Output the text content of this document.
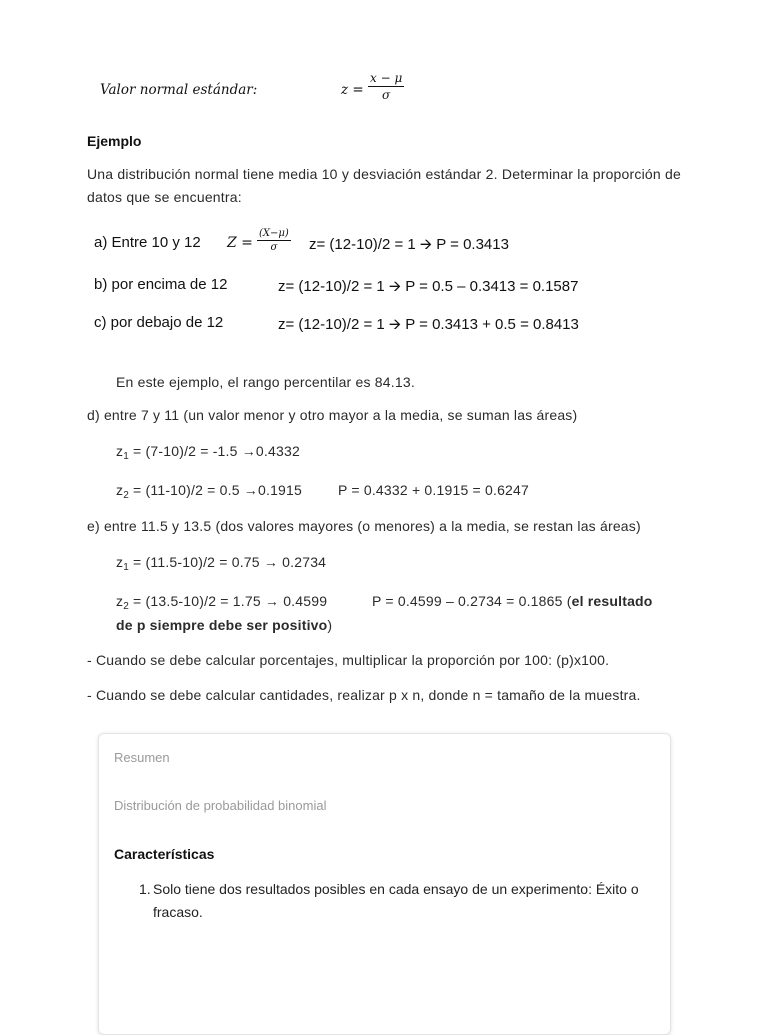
Valor normal estándar:	$z = \frac{x - \mu}{\sigma}$
Ejemplo
Una distribución normal tiene media 10 y desviación estándar 2. Determinar la proporción de datos que se encuentra:
a) Entre 10 y 12 $Z = \frac{(X-\mu)}{\sigma} z= (12-10)/2 = 1$ 🡪 P = 0.3413
b) por encima de 12	z= (12-10)/2 = 1 🡪 P = 0.5 – 0.3413 = 0.1587
c) por debajo de 12	z= (12-10)/2 = 1 🡪 P = 0.3413 + 0.5 = 0.8413
En este ejemplo, el rango percentilar es 84.13.
d) entre 7 y 11 (un valor menor y otro mayor a la media, se suman las áreas)
$z_1 = (7-10)/2 = -1.5 \to 0.4332$
$z_2 = (11-10)/2 = 0.5 \to 0.1915$	P = 0.4332 + 0.1915 = 0.6247
e) entre 11.5 y 13.5 (dos valores mayores (o menores) a la media, se restan las áreas)
$z_1 = (11.5-10)/2 = 0.75 \to 0.2734$
$z_2 = (13.5-10)/2 = 1.75 \to 0.4599$	P = 0.4599 – 0.2734 = 0.1865 (el resultado
de p siempre debe ser positivo)
- Cuando se debe calcular porcentajes, multiplicar la proporción por 100: (p)x100.
- Cuando se debe calcular cantidades, realizar p x n, donde n = tamaño de la muestra.
Resumen
Distribución de probabilidad binomial
Características
1. Solo tiene dos resultados posibles en cada ensayo de un experimento: Éxito o fracaso.
